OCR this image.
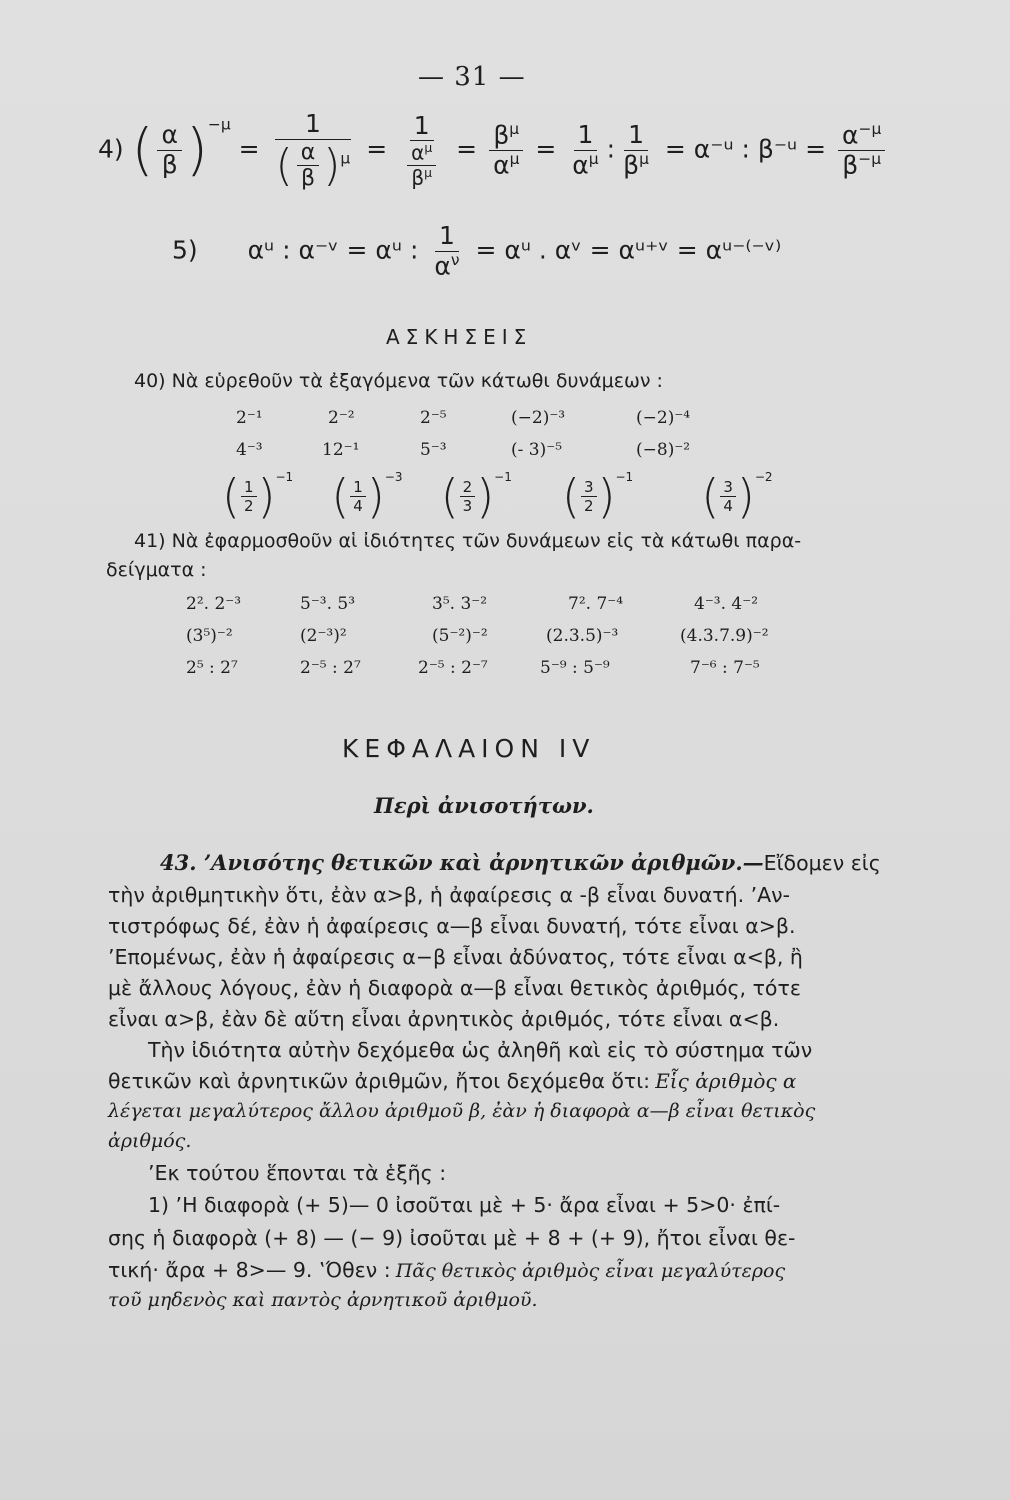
— 31 —
4) ( $\frac{\alpha}{\beta} )^{-\mu} = \frac{1}{( \frac{\alpha}{\beta} )^\mu} = \frac{1}{\frac{\alpha^\mu}{\beta^\mu}} = \frac{\beta^\mu}{\alpha^\mu} = \frac{1}{\alpha^\mu}$ : $\frac{1}{\beta^\mu}$ = α⁻ᵘ : β⁻ᵘ = $\frac{\alpha^{-\mu}}{\beta^{-\mu}}$
5) αᵘ : α⁻ᵛ = αᵘ : $\frac{1}{\alpha^\nu}$ = αᵘ . αᵛ = αᵘ⁺ᵛ = αᵘ⁻⁽⁻ᵛ⁾
ΑΣΚΗΣΕΙΣ
40) Νὰ εὑρεθοῦν τὰ ἐξαγόμενα τῶν κάτωθι δυνάμεων :
2⁻¹	2⁻²	2⁻⁵	(−2)⁻³	(−2)⁻⁴
4⁻³	12⁻¹	5⁻³	(- 3)⁻⁵	(−8)⁻²
( $\frac{1}{2} )^{-1}$ ( $\frac{1}{4} )^{-3}$ ( $\frac{2}{3} )^{-1}$ ( $\frac{3}{2} )^{-1}$ ( $\frac{3}{4} )^{-2}$
41) Νὰ ἐφαρμοσθοῦν αἱ ἰδιότητες τῶν δυνάμεων εἰς τὰ κάτωθι παρα-
δείγματα :
2². 2⁻³	5⁻³. 5³	3⁵. 3⁻²	7². 7⁻⁴	4⁻³. 4⁻²
(3⁵)⁻²	(2⁻³)²	(5⁻²)⁻²	(2.3.5)⁻³	(4.3.7.9)⁻²
2⁵ : 2⁷	2⁻⁵ : 2⁷	2⁻⁵ : 2⁻⁷	5⁻⁹ : 5⁻⁹	7⁻⁶ : 7⁻⁵
ΚΕΦΑΛΑΙΟΝ IV
Περὶ ἀνισοτήτων.

43. ’Ανισότης θετικῶν καὶ ἀρνητικῶν ἀριθμῶν.—Εἴδομεν εἰς

τὴν ἀριθμητικὴν ὅτι, ἐὰν α>β, ἡ ἀφαίρεσις α -β εἶναι δυνατή. ’Αν-

τιστρόφως δέ, ἐὰν ἡ ἀφαίρεσις α—β εἶναι δυνατή, τότε εἶναι α>β.

’Επομένως, ἐὰν ἡ ἀφαίρεσις α−β εἶναι ἀδύνατος, τότε εἶναι α<β, ἢ

μὲ ἄλλους λόγους, ἐὰν ἡ διαφορὰ α—β εἶναι θετικὸς ἀριθμός, τότε

εἶναι α>β, ἐὰν δὲ αὕτη εἶναι ἀρνητικὸς ἀριθμός, τότε εἶναι α<β.

Τὴν ἰδιότητα αὐτὴν δεχόμεθα ὡς ἀληθῆ καὶ εἰς τὸ σύστημα τῶν

θετικῶν καὶ ἀρνητικῶν ἀριθμῶν, ἤτοι δεχόμεθα ὅτι: Εἷς ἀριθμὸς α

λέγεται μεγαλύτερος ἄλλου ἀριθμοῦ β, ἐὰν ἡ διαφορὰ α—β εἶναι θετικὸς

ἀριθμός.

’Εκ τούτου ἕπονται τὰ ἑξῆς :

1) ’Η διαφορὰ (+ 5)— 0 ἰσοῦται μὲ + 5· ἄρα εἶναι + 5>0· ἐπί-

σης ἡ διαφορὰ (+ 8) — (− 9) ἰσοῦται μὲ + 8 + (+ 9), ἤτοι εἶναι θε-

τική· ἄρα + 8>— 9. ‛Όθεν : Πᾶς θετικὸς ἀριθμὸς εἶναι μεγαλύτερος

τοῦ μηδενὸς καὶ παντὸς ἀρνητικοῦ ἀριθμοῦ.
